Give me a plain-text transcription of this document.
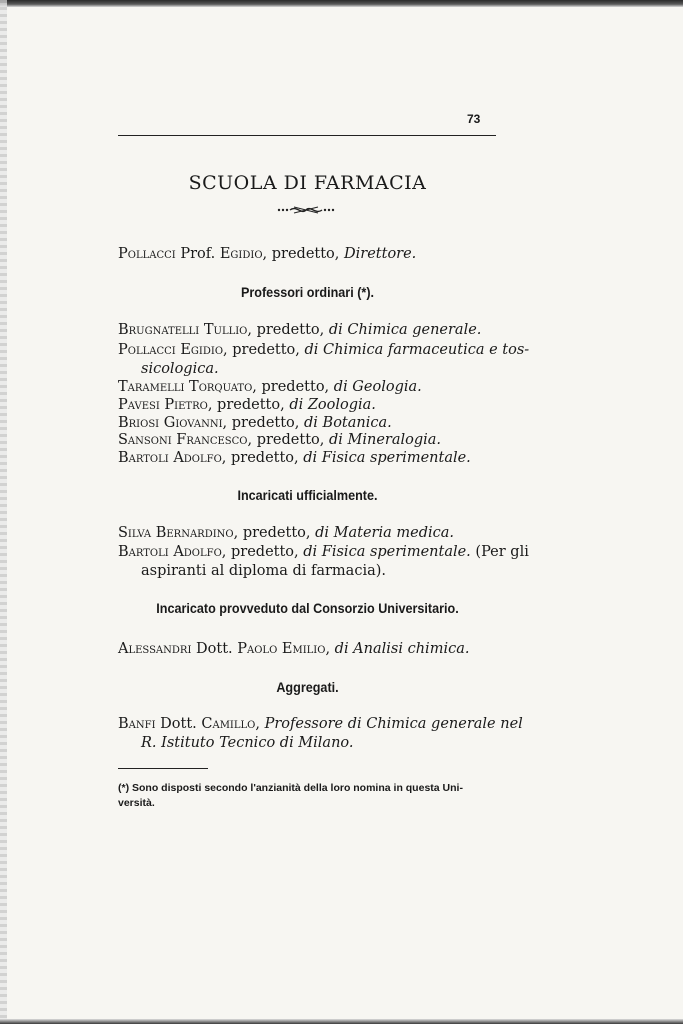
73
SCUOLA DI FARMACIA
Pollacci Prof. Egidio, predetto, Direttore.
Professori ordinari (*).
Brugnatelli Tullio, predetto, di Chimica generale.
Pollacci Egidio, predetto, di Chimica farmaceutica e tos-
sicologica.
Taramelli Torquato, predetto, di Geologia.
Pavesi Pietro, predetto, di Zoologia.
Briosi Giovanni, predetto, di Botanica.
Sansoni Francesco, predetto, di Mineralogia.
Bartoli Adolfo, predetto, di Fisica sperimentale.
Incaricati ufficialmente.
Silva Bernardino, predetto, di Materia medica.
Bartoli Adolfo, predetto, di Fisica sperimentale. (Per gli
aspiranti al diploma di farmacia).
Incaricato provveduto dal Consorzio Universitario.
Alessandri Dott. Paolo Emilio, di Analisi chimica.
Aggregati.
Banfi Dott. Camillo, Professore di Chimica generale nel
R. Istituto Tecnico di Milano.
(*) Sono disposti secondo l'anzianità della loro nomina in questa Uni-
versità.
